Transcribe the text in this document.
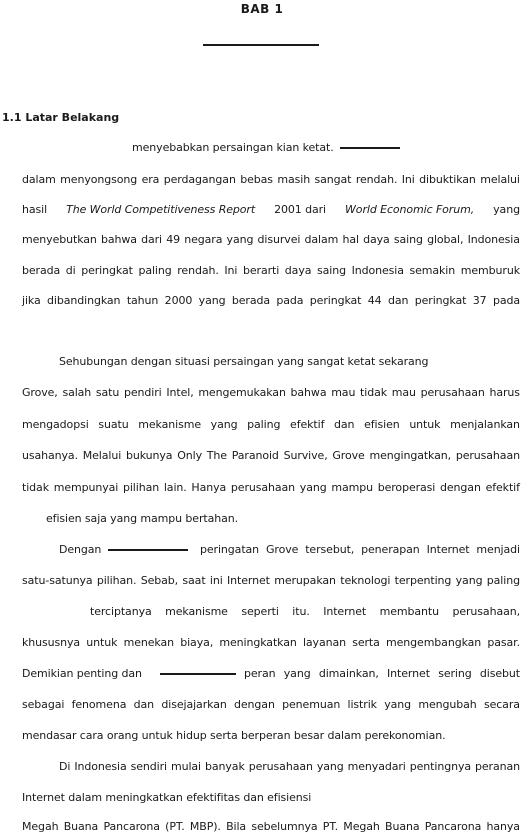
BAB 1
1.1 Latar Belakang
menyebabkan persaingan kian ketat.
dalam menyongsong era perdagangan bebas masih sangat rendah. Ini dibuktikan melalui
hasil The World Competitiveness Report 2001 dari World Economic Forum, yang
menyebutkan bahwa dari 49 negara yang disurvei dalam hal daya saing global, Indonesia
berada di peringkat paling rendah. Ini berarti daya saing Indonesia semakin memburuk
jika dibandingkan tahun 2000 yang berada pada peringkat 44 dan peringkat 37 pada
Sehubungan dengan situasi persaingan yang sangat ketat sekarang
Grove, salah satu pendiri Intel, mengemukakan bahwa mau tidak mau perusahaan harus
mengadopsi suatu mekanisme yang paling efektif dan efisien untuk menjalankan
usahanya. Melalui bukunya Only The Paranoid Survive, Grove mengingatkan, perusahaan
tidak mempunyai pilihan lain. Hanya perusahaan yang mampu beroperasi dengan efektif
efisien saja yang mampu bertahan.
Dengan	peringatan Grove tersebut, penerapan Internet menjadi
satu-satunya pilihan. Sebab, saat ini Internet merupakan teknologi terpenting yang paling
terciptanya mekanisme seperti itu. Internet membantu perusahaan,
khususnya untuk menekan biaya, meningkatkan layanan serta mengembangkan pasar.
Demikian penting dan	peran yang dimainkan, Internet sering disebut
sebagai fenomena dan disejajarkan dengan penemuan listrik yang mengubah secara
mendasar cara orang untuk hidup serta berperan besar dalam perekonomian.
Di Indonesia sendiri mulai banyak perusahaan yang menyadari pentingnya peranan
Internet dalam meningkatkan efektifitas dan efisiensi
Megah Buana Pancarona (PT. MBP). Bila sebelumnya PT. Megah Buana Pancarona hanya
